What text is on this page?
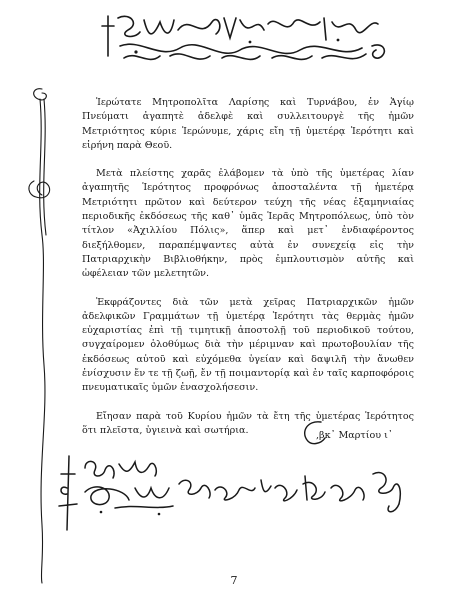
Ἱερώτατε Μητροπολῖτα Λαρίσης καὶ Τυρνάβου, ἐν Ἁγίῳ Πνεύματι ἀγαπητὲ ἀδελφὲ καὶ συλλειτουργὲ τῆς ἡμῶν Μετριότητος κύριε Ἱερώνυμε, χάρις εἴη τῇ ὑμετέρᾳ Ἱερότητι καὶ εἰρήνη παρὰ Θεοῦ.

Μετὰ πλείστης χαρᾶς ἐλάβομεν τὰ ὑπὸ τῆς ὑμετέρας λίαν ἀγαπητῆς Ἱερότητος προφρόνως ἀποσταλέντα τῇ ἡμετέρᾳ Μετριότητι πρῶτον καὶ δεύτερον τεύχη τῆς νέας ἑξαμηνιαίας περιοδικῆς ἐκδόσεως τῆς καθ᾽ ὑμᾶς Ἱερᾶς Μητροπόλεως, ὑπὸ τὸν τίτλον «Ἀχιλλίου Πόλις», ἅπερ καὶ μετ᾽ ἐνδιαφέροντος διεξήλθομεν, παραπέμψαντες αὐτὰ ἐν συνεχείᾳ εἰς τὴν Πατριαρχικὴν Βιβλιοθήκην, πρὸς ἐμπλουτισμὸν αὐτῆς καὶ ὠφέλειαν τῶν μελετητῶν.

Ἐκφράζοντες διὰ τῶν μετὰ χεῖρας Πατριαρχικῶν ἡμῶν ἀδελφικῶν Γραμμάτων τῇ ὑμετέρᾳ Ἱερότητι τὰς θερμὰς ἡμῶν εὐχαριστίας ἐπὶ τῇ τιμητικῇ ἀποστολῇ τοῦ περιοδικοῦ τούτου, συγχαίρομεν ὁλοθύμως διὰ τὴν μέριμναν καὶ πρωτοβουλίαν τῆς ἐκδόσεως αὐτοῦ καὶ εὐχόμεθα ὑγείαν καὶ δαψιλῆ τὴν ἄνωθεν ἐνίσχυσιν ἔν τε τῇ ζωῇ, ἔν τῇ ποιμαντορίᾳ καὶ ἐν ταῖς καρποφόροις πνευματικαῖς ὑμῶν ἐνασχολήσεσιν.

Εἴησαν παρὰ τοῦ Κυρίου ἡμῶν τὰ ἔτη τῆς ὑμετέρας Ἱερότητος ὅτι πλεῖστα, ὑγιεινὰ καὶ σωτήρια.	,βκ᾽ Μαρτίου ι᾽
7
